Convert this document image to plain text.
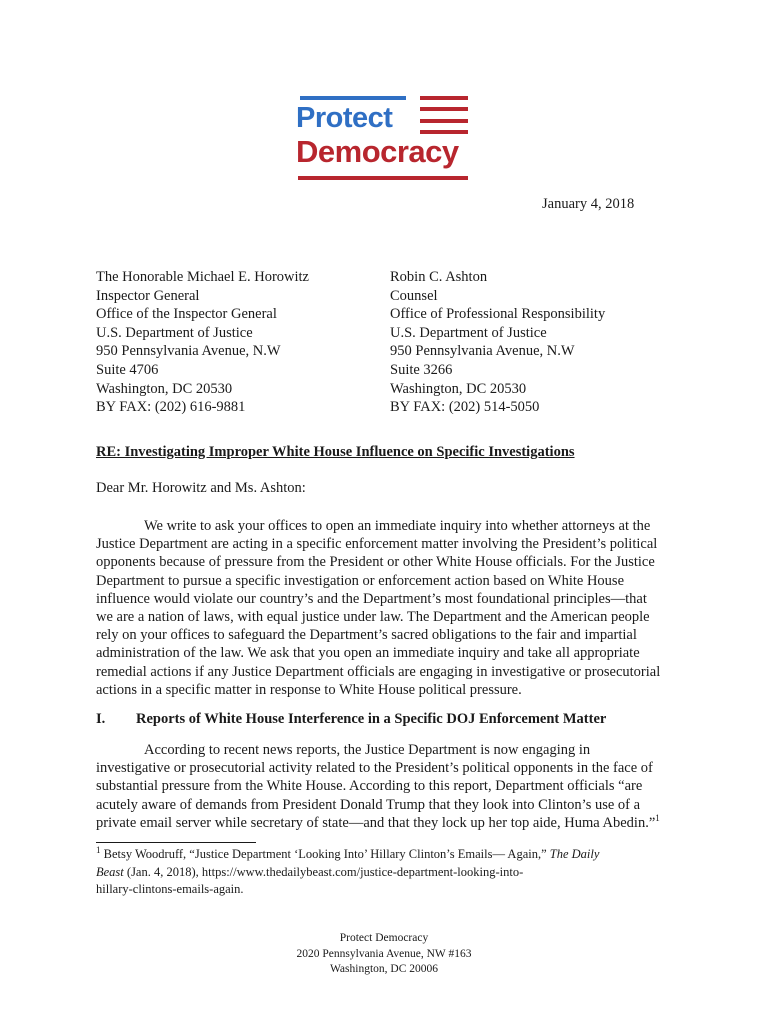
Protect
Democracy
January 4, 2018
The Honorable Michael E. Horowitz
Inspector General
Office of the Inspector General
U.S. Department of Justice
950 Pennsylvania Avenue, N.W
Suite 4706
Washington, DC 20530
BY FAX: (202) 616-9881
Robin C. Ashton
Counsel
Office of Professional Responsibility
U.S. Department of Justice
950 Pennsylvania Avenue, N.W
Suite 3266
Washington, DC 20530
BY FAX: (202) 514-5050
RE: Investigating Improper White House Influence on Specific Investigations
Dear Mr. Horowitz and Ms. Ashton:
We write to ask your offices to open an immediate inquiry into whether attorneys at the
Justice Department are acting in a specific enforcement matter involving the President’s political
opponents because of pressure from the President or other White House officials. For the Justice
Department to pursue a specific investigation or enforcement action based on White House
influence would violate our country’s and the Department’s most foundational principles—that
we are a nation of laws, with equal justice under law. The Department and the American people
rely on your offices to safeguard the Department’s sacred obligations to the fair and impartial
administration of the law. We ask that you open an immediate inquiry and take all appropriate
remedial actions if any Justice Department officials are engaging in investigative or prosecutorial
actions in a specific matter in response to White House political pressure.
I. Reports of White House Interference in a Specific DOJ Enforcement Matter
According to recent news reports, the Justice Department is now engaging in
investigative or prosecutorial activity related to the President’s political opponents in the face of
substantial pressure from the White House. According to this report, Department officials “are
acutely aware of demands from President Donald Trump that they look into Clinton’s use of a
private email server while secretary of state—and that they lock up her top aide, Huma Abedin.”$^1$
$^1$ Betsy Woodruff, “Justice Department ‘Looking Into’ Hillary Clinton’s Emails— Again,” The Daily
Beast (Jan. 4, 2018), https://www.thedailybeast.com/justice-department-looking-into-
hillary-clintons-emails-again.
Protect Democracy
2020 Pennsylvania Avenue, NW #163
Washington, DC 20006
